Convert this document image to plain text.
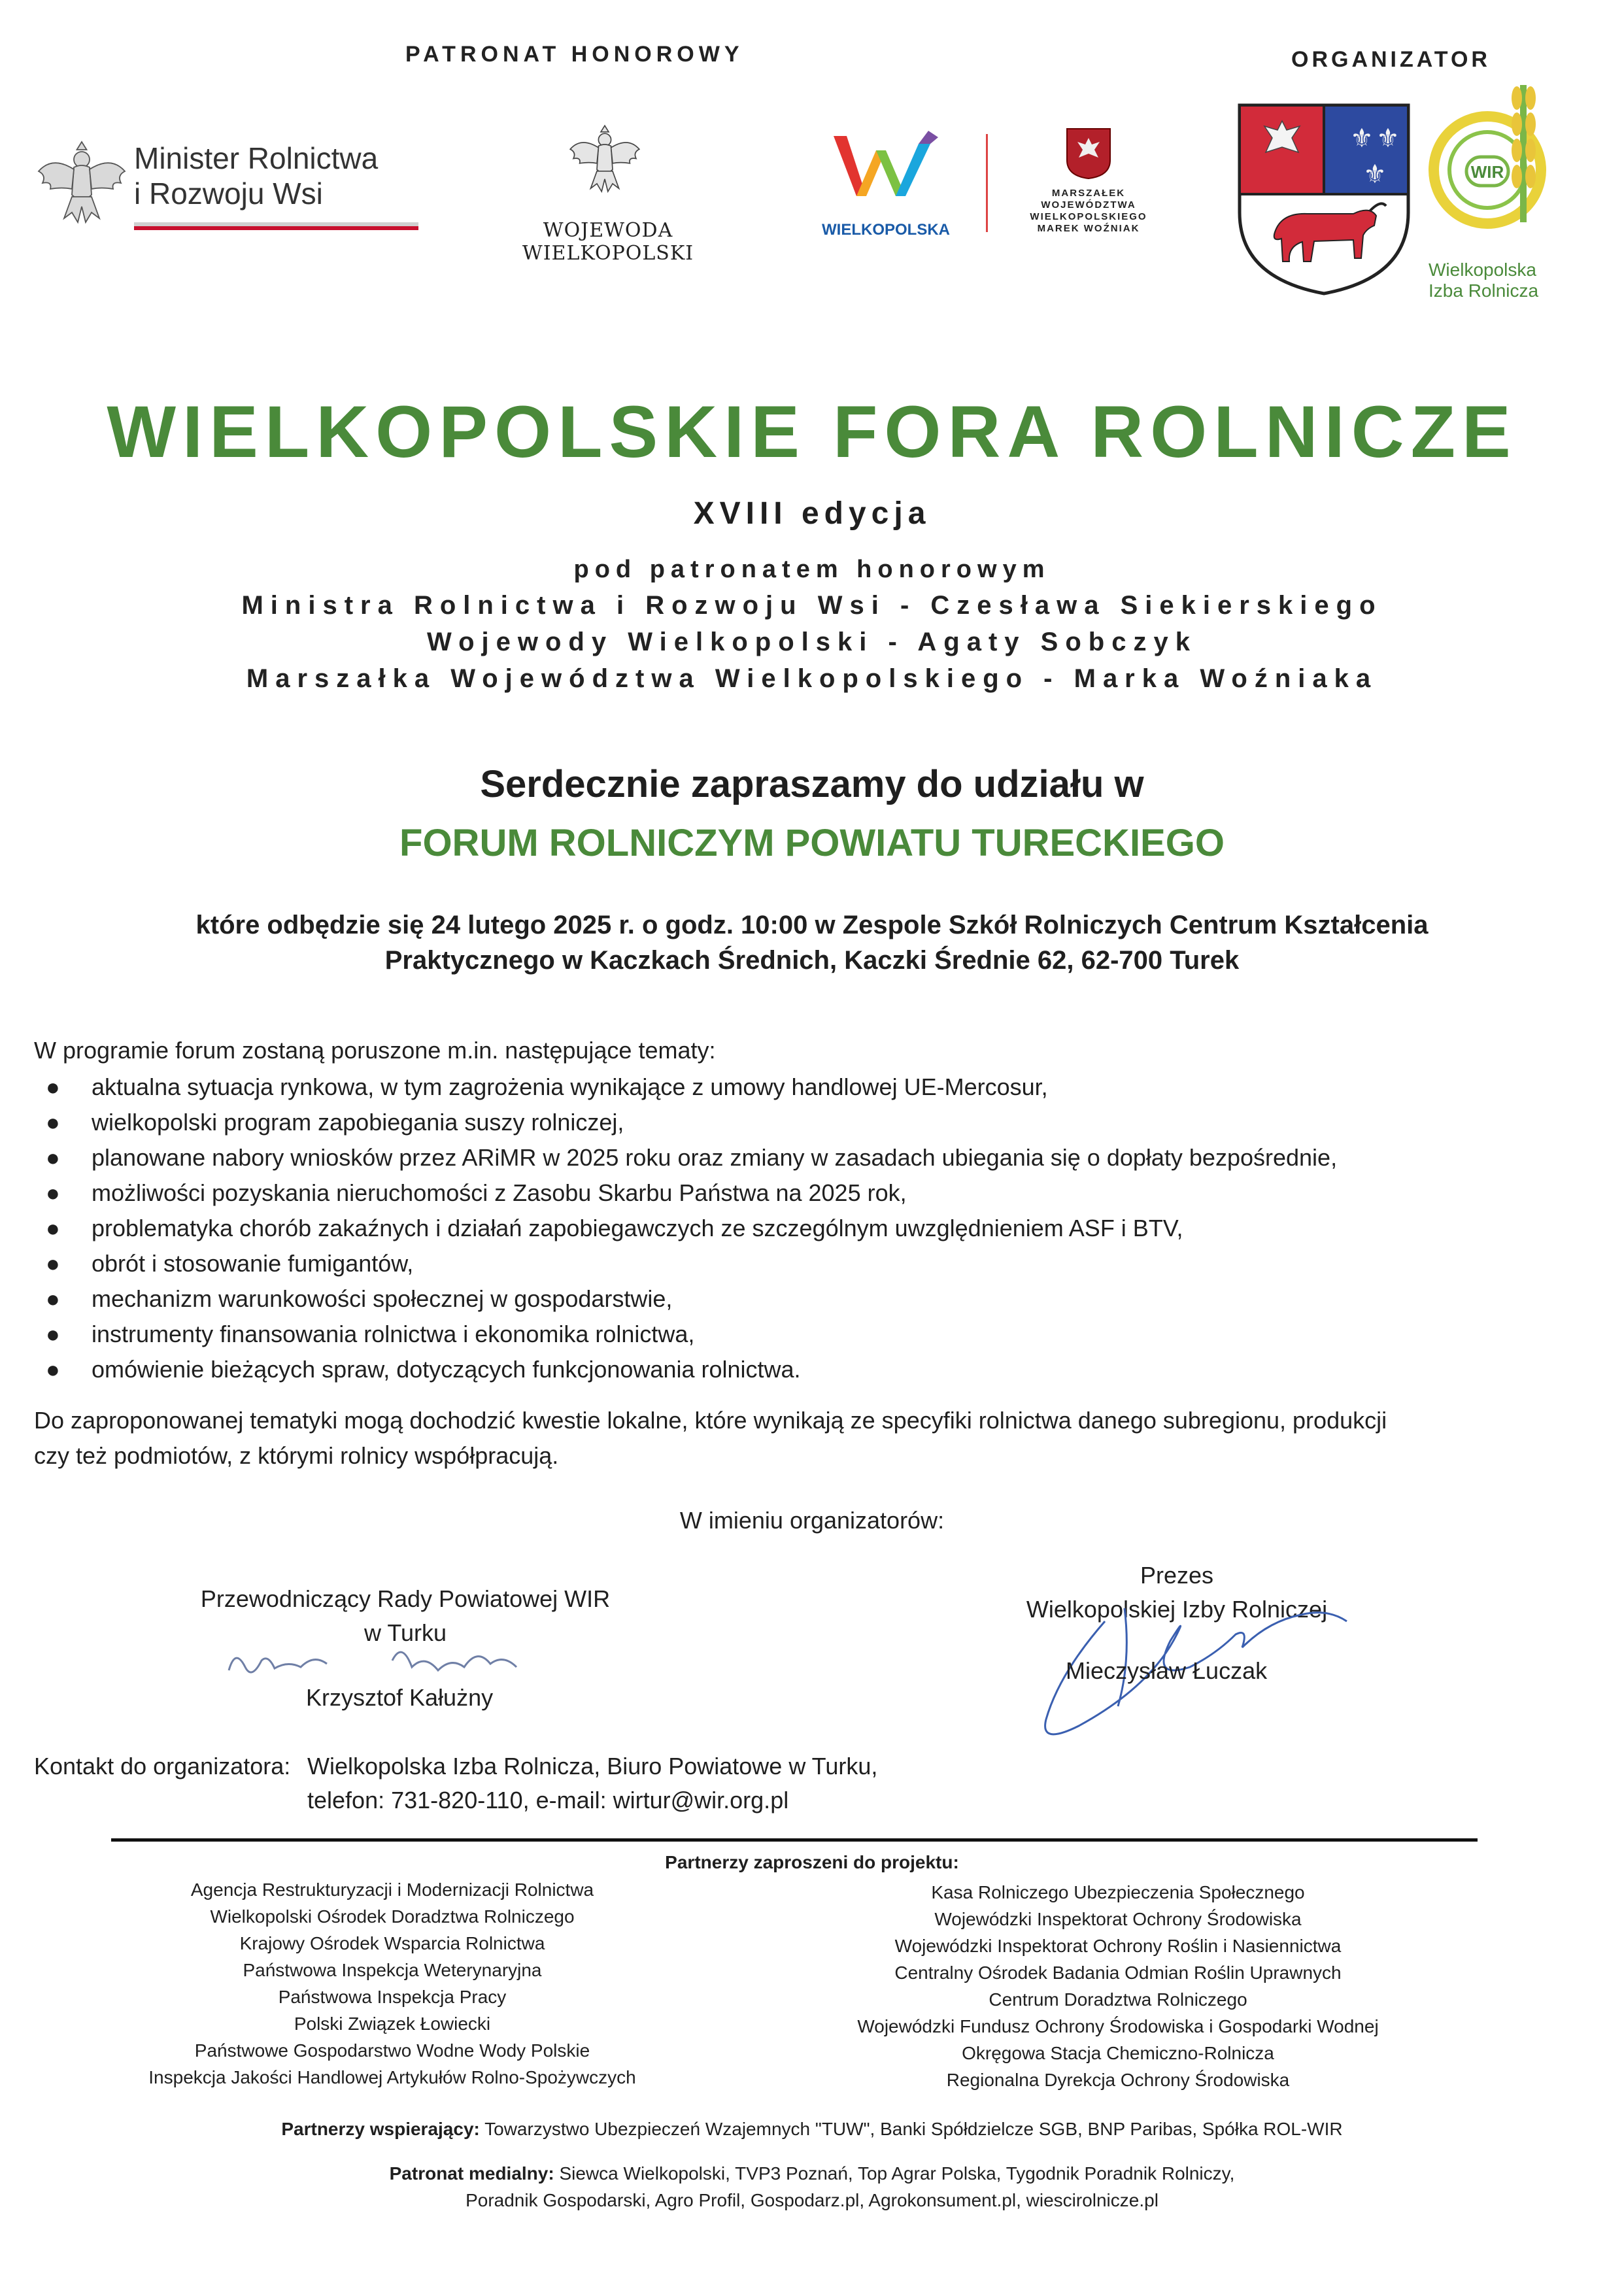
PATRONAT HONOROWY	ORGANIZATOR
Minister Rolnictwa
i Rozwoju Wsi
WOJEWODA WIELKOPOLSKI
WIELKOPOLSKA
MARSZAŁEK
WOJEWÓDZTWA
WIELKOPOLSKIEGO
MAREK WOŹNIAK
⚜ ⚜
⚜	WIR
Wielkopolska
Izba Rolnicza
WIELKOPOLSKIE FORA ROLNICZE
XVIII edycja
pod patronatem honorowym
Ministra Rolnictwa i Rozwoju Wsi - Czesława Siekierskiego
Wojewody Wielkopolski - Agaty Sobczyk
Marszałka Województwa Wielkopolskiego - Marka Woźniaka
Serdecznie zapraszamy do udziału w
FORUM ROLNICZYM POWIATU TURECKIEGO
które odbędzie się 24 lutego 2025 r. o godz. 10:00 w Zespole Szkół Rolniczych Centrum Kształcenia
Praktycznego w Kaczkach Średnich, Kaczki Średnie 62, 62-700 Turek
W programie forum zostaną poruszone m.in. następujące tematy:
● aktualna sytuacja rynkowa, w tym zagrożenia wynikające z umowy handlowej UE-Mercosur,
● wielkopolski program zapobiegania suszy rolniczej,
● planowane nabory wniosków przez ARiMR w 2025 roku oraz zmiany w zasadach ubiegania się o dopłaty bezpośrednie,
● możliwości pozyskania nieruchomości z Zasobu Skarbu Państwa na 2025 rok,
● problematyka chorób zakaźnych i działań zapobiegawczych ze szczególnym uwzględnieniem ASF i BTV,
● obrót i stosowanie fumigantów,
● mechanizm warunkowości społecznej w gospodarstwie,
● instrumenty finansowania rolnictwa i ekonomika rolnictwa,
● omówienie bieżących spraw, dotyczących funkcjonowania rolnictwa.
Do zaproponowanej tematyki mogą dochodzić kwestie lokalne, które wynikają ze specyfiki rolnictwa danego subregionu, produkcji
czy też podmiotów, z którymi rolnicy współpracują.
W imieniu organizatorów:
Przewodniczący Rady Powiatowej WIR
w Turku
Krzysztof Kałużny
Prezes
Wielkopolskiej Izby Rolniczej
Mieczysław Łuczak
Kontakt do organizatora: Wielkopolska Izba Rolnicza, Biuro Powiatowe w Turku,
telefon: 731-820-110, e-mail: wirtur@wir.org.pl
Partnerzy zaproszeni do projektu:
Agencja Restrukturyzacji i Modernizacji Rolnictwa
Wielkopolski Ośrodek Doradztwa Rolniczego
Krajowy Ośrodek Wsparcia Rolnictwa
Państwowa Inspekcja Weterynaryjna
Państwowa Inspekcja Pracy
Polski Związek Łowiecki
Państwowe Gospodarstwo Wodne Wody Polskie
Inspekcja Jakości Handlowej Artykułów Rolno-Spożywczych
Kasa Rolniczego Ubezpieczenia Społecznego
Wojewódzki Inspektorat Ochrony Środowiska
Wojewódzki Inspektorat Ochrony Roślin i Nasiennictwa
Centralny Ośrodek Badania Odmian Roślin Uprawnych
Centrum Doradztwa Rolniczego
Wojewódzki Fundusz Ochrony Środowiska i Gospodarki Wodnej
Okręgowa Stacja Chemiczno-Rolnicza
Regionalna Dyrekcja Ochrony Środowiska
Partnerzy wspierający: Towarzystwo Ubezpieczeń Wzajemnych "TUW", Banki Spółdzielcze SGB, BNP Paribas, Spółka ROL-WIR
Patronat medialny: Siewca Wielkopolski, TVP3 Poznań, Top Agrar Polska, Tygodnik Poradnik Rolniczy,
Poradnik Gospodarski, Agro Profil, Gospodarz.pl, Agrokonsument.pl, wiescirolnicze.pl
